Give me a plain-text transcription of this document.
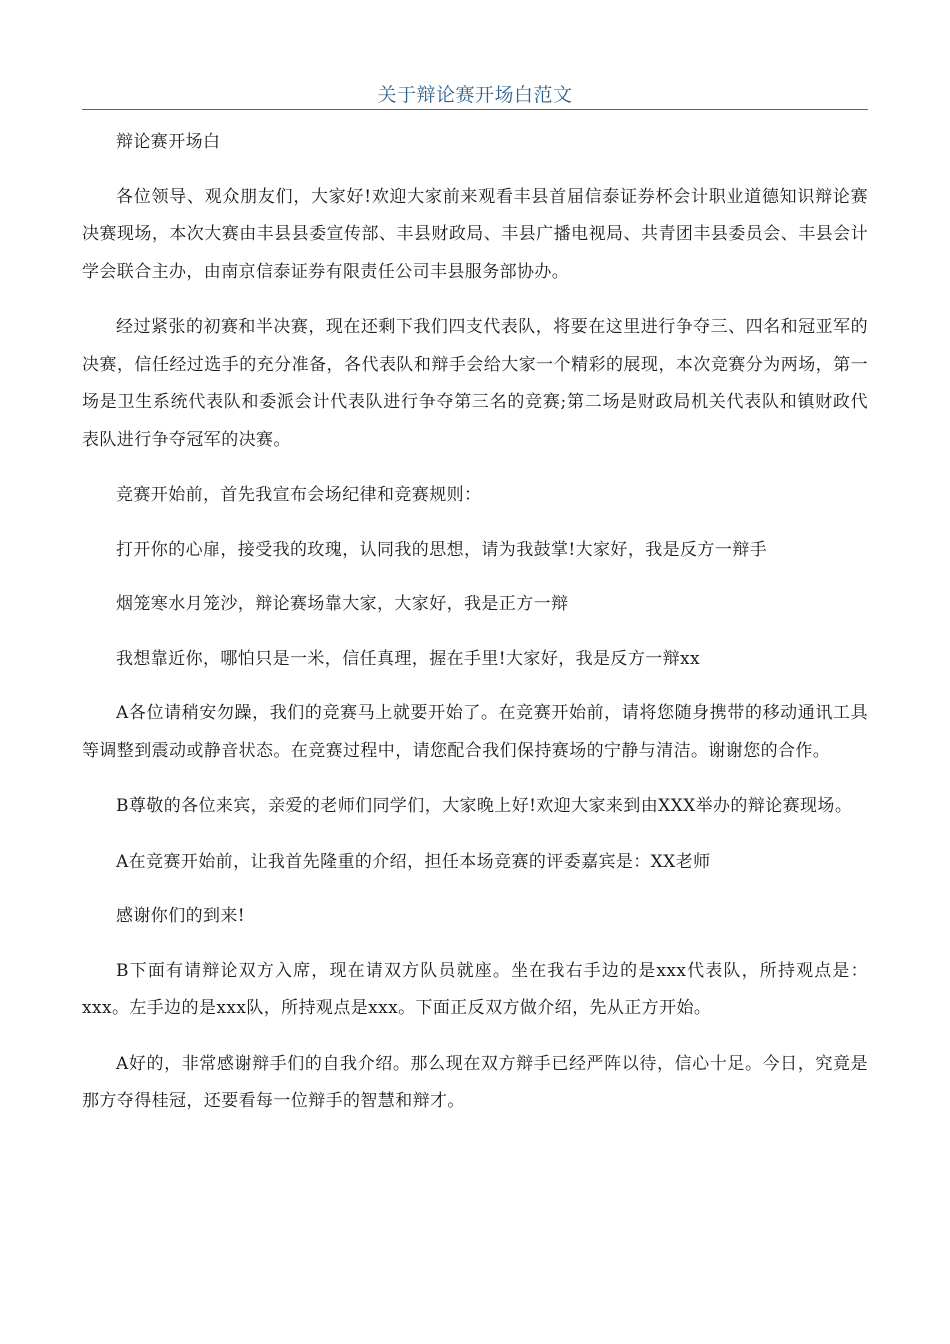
关于辩论赛开场白范文

辩论赛开场白

各位领导、观众朋友们，大家好!欢迎大家前来观看丰县首届信泰证券杯会计职业道德知识辩论赛决赛现场，本次大赛由丰县县委宣传部、丰县财政局、丰县广播电视局、共青团丰县委员会、丰县会计学会联合主办，由南京信泰证券有限责任公司丰县服务部协办。

经过紧张的初赛和半决赛，现在还剩下我们四支代表队，将要在这里进行争夺三、四名和冠亚军的决赛，信任经过选手的充分准备，各代表队和辩手会给大家一个精彩的展现，本次竞赛分为两场，第一场是卫生系统代表队和委派会计代表队进行争夺第三名的竞赛;第二场是财政局机关代表队和镇财政代表队进行争夺冠军的决赛。

竞赛开始前，首先我宣布会场纪律和竞赛规则：

打开你的心扉，接受我的玫瑰，认同我的思想，请为我鼓掌!大家好，我是反方一辩手

烟笼寒水月笼沙，辩论赛场靠大家，大家好，我是正方一辩

我想靠近你，哪怕只是一米，信任真理，握在手里!大家好，我是反方一辩xx

A各位请稍安勿躁，我们的竞赛马上就要开始了。在竞赛开始前，请将您随身携带的移动通讯工具等调整到震动或静音状态。在竞赛过程中，请您配合我们保持赛场的宁静与清洁。谢谢您的合作。

B尊敬的各位来宾，亲爱的老师们同学们，大家晚上好!欢迎大家来到由XXX举办的辩论赛现场。

A在竞赛开始前，让我首先隆重的介绍，担任本场竞赛的评委嘉宾是：XX老师

感谢你们的到来!

B下面有请辩论双方入席，现在请双方队员就座。坐在我右手边的是xxx代表队，所持观点是：xxx。左手边的是xxx队，所持观点是xxx。下面正反双方做介绍，先从正方开始。

A好的，非常感谢辩手们的自我介绍。那么现在双方辩手已经严阵以待，信心十足。今日，究竟是那方夺得桂冠，还要看每一位辩手的智慧和辩才。
